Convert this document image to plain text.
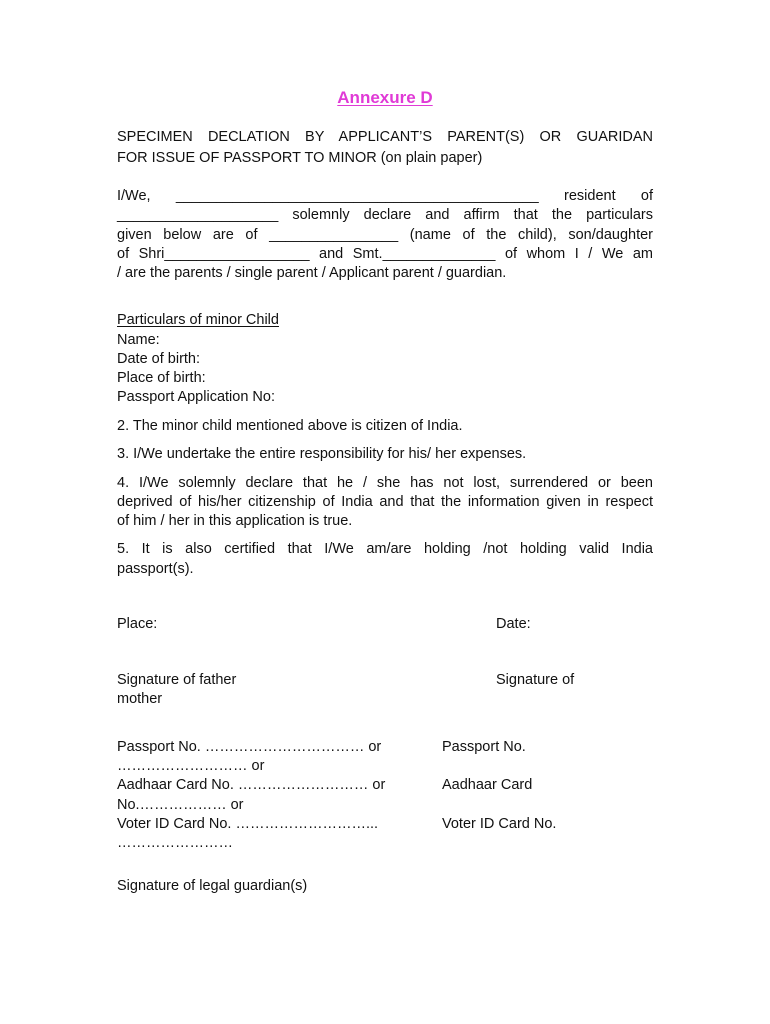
Annexure D
SPECIMEN DECLATION BY APPLICANT’S PARENT(S) OR GUARIDAN
FOR ISSUE OF PASSPORT TO MINOR (on plain paper)
I/We, _____________________________________________ resident of
____________________ solemnly declare and affirm that the particulars
given below are of ________________ (name of the child), son/daughter
of Shri__________________ and Smt.______________ of whom I / We am
/ are the parents / single parent / Applicant parent / guardian.
Particulars of minor Child
Name:
Date of birth:
Place of birth:
Passport Application No:
2. The minor child mentioned above is citizen of India.
3. I/We undertake the entire responsibility for his/ her expenses.
4. I/We solemnly declare that he / she has not lost, surrendered or been
deprived of his/her citizenship of India and that the information given in respect
of him / her in this application is true.
5. It is also certified that I/We am/are holding /not holding valid India
passport(s).
Place:	Date:
Signature of father
mother
Signature of
Passport No. …………………………… or
……………………… or
Aadhaar Card No. ……………………… or
No.……………… or
Voter ID Card No. ………………………...
……………………
Passport No.
Aadhaar Card
Voter ID Card No.
Signature of legal guardian(s)
